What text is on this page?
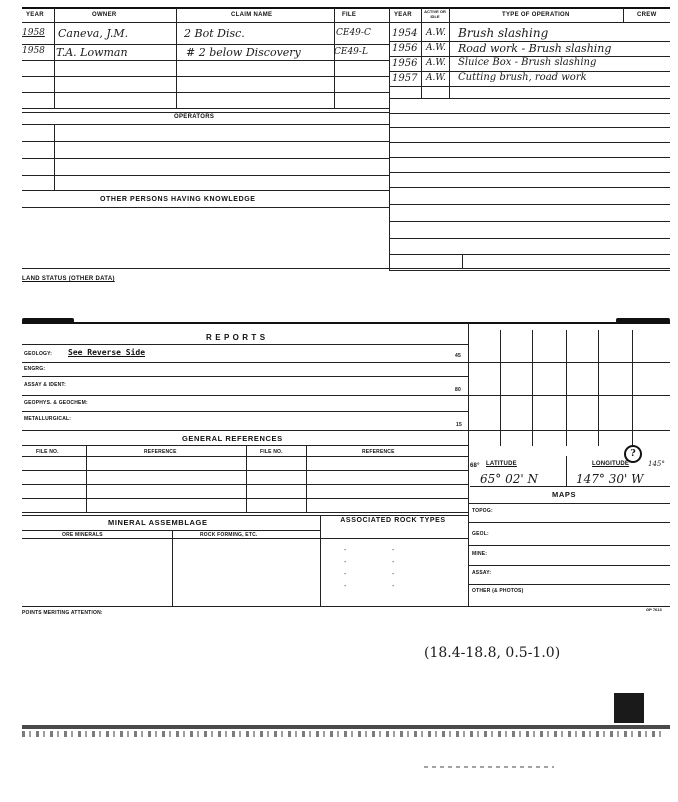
YEAR	OWNER	CLAIM NAME	FILE	YEAR
ACTIVE OR IDLE	TYPE OF OPERATION	CREW
1958 Caneva, J.M.	2 Bot Disc.	CE49-C
1958 T.A. Lowman	# 2 below Discovery	CE49-L
1954 A.W. Brush slashing
1956 A.W. Road work - Brush slashing
1956 A.W. Sluice Box - Brush slashing
1957 A.W. Cutting brush, road work
OPERATORS
OTHER PERSONS HAVING KNOWLEDGE
LAND STATUS (OTHER DATA)
R E P O R T S
GEOLOGY: See Reverse Side	45
ENGRG:
ASSAY & IDENT:
80
GEOPHYS. & GEOCHEM:
METALLURGICAL:
15
GENERAL REFERENCES
FILE NO.	REFERENCE	FILE NO.	REFERENCE
MINERAL ASSEMBLAGE	ASSOCIATED ROCK TYPES
ORE MINERALS	ROCK FORMING, ETC.
68° LATITUDE	LONGITUDE	145°
?
65° 02' N	147° 30' W
MAPS
TOPOG:
GEOL:
MINE:
ASSAY:
OTHER (& PHOTOS)
-
-
-
-
-
-
-
-
GP 7613
POINTS MERITING ATTENTION:
(18.4-18.8, 0.5-1.0)
